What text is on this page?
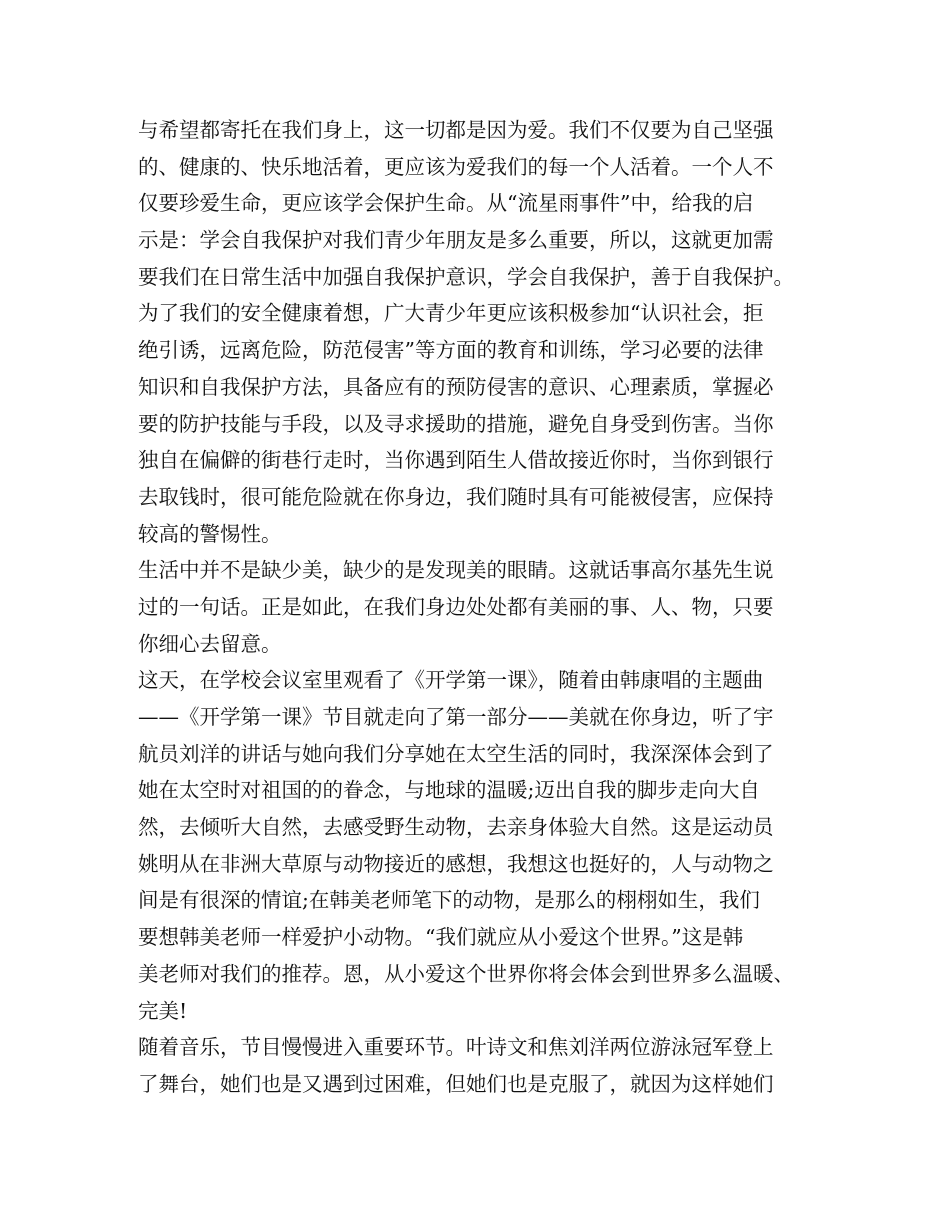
与希望都寄托在我们身上，这一切都是因为爱。我们不仅要为自己坚强
的、健康的、快乐地活着，更应该为爱我们的每一个人活着。一个人不
仅要珍爱生命，更应该学会保护生命。从“流星雨事件”中，给我的启
示是：学会自我保护对我们青少年朋友是多么重要，所以，这就更加需
要我们在日常生活中加强自我保护意识，学会自我保护，善于自我保护。
为了我们的安全健康着想，广大青少年更应该积极参加“认识社会，拒
绝引诱，远离危险，防范侵害”等方面的教育和训练，学习必要的法律
知识和自我保护方法，具备应有的预防侵害的意识、心理素质，掌握必
要的防护技能与手段，以及寻求援助的措施，避免自身受到伤害。当你
独自在偏僻的街巷行走时，当你遇到陌生人借故接近你时，当你到银行
去取钱时，很可能危险就在你身边，我们随时具有可能被侵害，应保持
较高的警惕性。
生活中并不是缺少美，缺少的是发现美的眼睛。这就话事高尔基先生说
过的一句话。正是如此，在我们身边处处都有美丽的事、人、物，只要
你细心去留意。
这天，在学校会议室里观看了《开学第一课》，随着由韩康唱的主题曲
——《开学第一课》节目就走向了第一部分——美就在你身边，听了宇
航员刘洋的讲话与她向我们分享她在太空生活的同时，我深深体会到了
她在太空时对祖国的的眷念，与地球的温暖;迈出自我的脚步走向大自
然，去倾听大自然，去感受野生动物，去亲身体验大自然。这是运动员
姚明从在非洲大草原与动物接近的感想，我想这也挺好的，人与动物之
间是有很深的情谊;在韩美老师笔下的动物，是那么的栩栩如生，我们
要想韩美老师一样爱护小动物。“我们就应从小爱这个世界。”这是韩
美老师对我们的推荐。恩，从小爱这个世界你将会体会到世界多么温暖、
完美!
随着音乐，节目慢慢进入重要环节。叶诗文和焦刘洋两位游泳冠军登上
了舞台，她们也是又遇到过困难，但她们也是克服了，就因为这样她们
